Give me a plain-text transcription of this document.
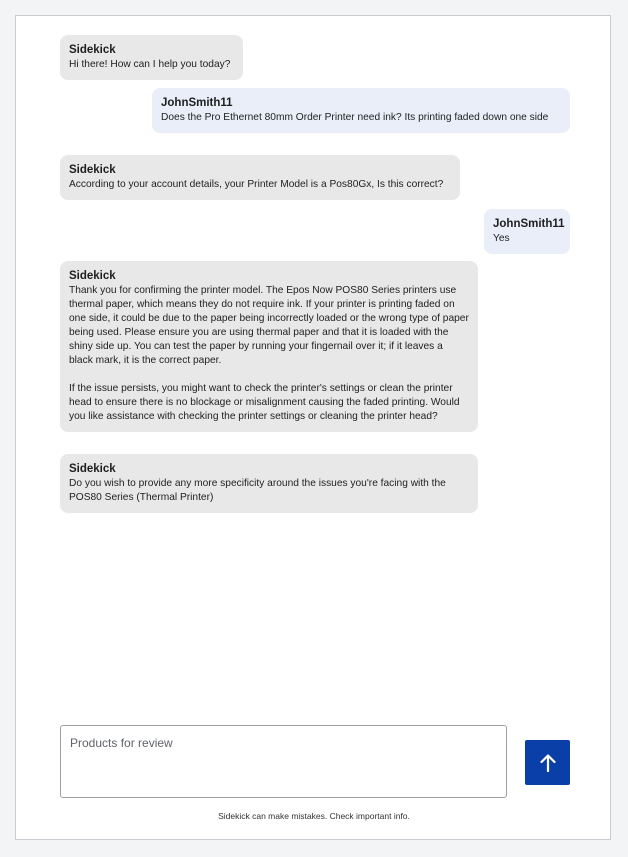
Sidekick
Hi there! How can I help you today?
JohnSmith11
Does the Pro Ethernet 80mm Order Printer need ink? Its printing faded down one side
Sidekick
According to your account details, your Printer Model is a Pos80Gx, Is this correct?
JohnSmith11
Yes
Sidekick
Thank you for confirming the printer model. The Epos Now POS80 Series printers use thermal paper, which means they do not require ink. If your printer is printing faded on one side, it could be due to the paper being incorrectly loaded or the wrong type of paper being used. Please ensure you are using thermal paper and that it is loaded with the shiny side up. You can test the paper by running your fingernail over it; if it leaves a black mark, it is the correct paper.

If the issue persists, you might want to check the printer's settings or clean the printer head to ensure there is no blockage or misalignment causing the faded printing. Would you like assistance with checking the printer settings or cleaning the printer head?
Sidekick
Do you wish to provide any more specificity around the issues you're facing with the POS80 Series (Thermal Printer)
Products for review
Sidekick can make mistakes. Check important info.
